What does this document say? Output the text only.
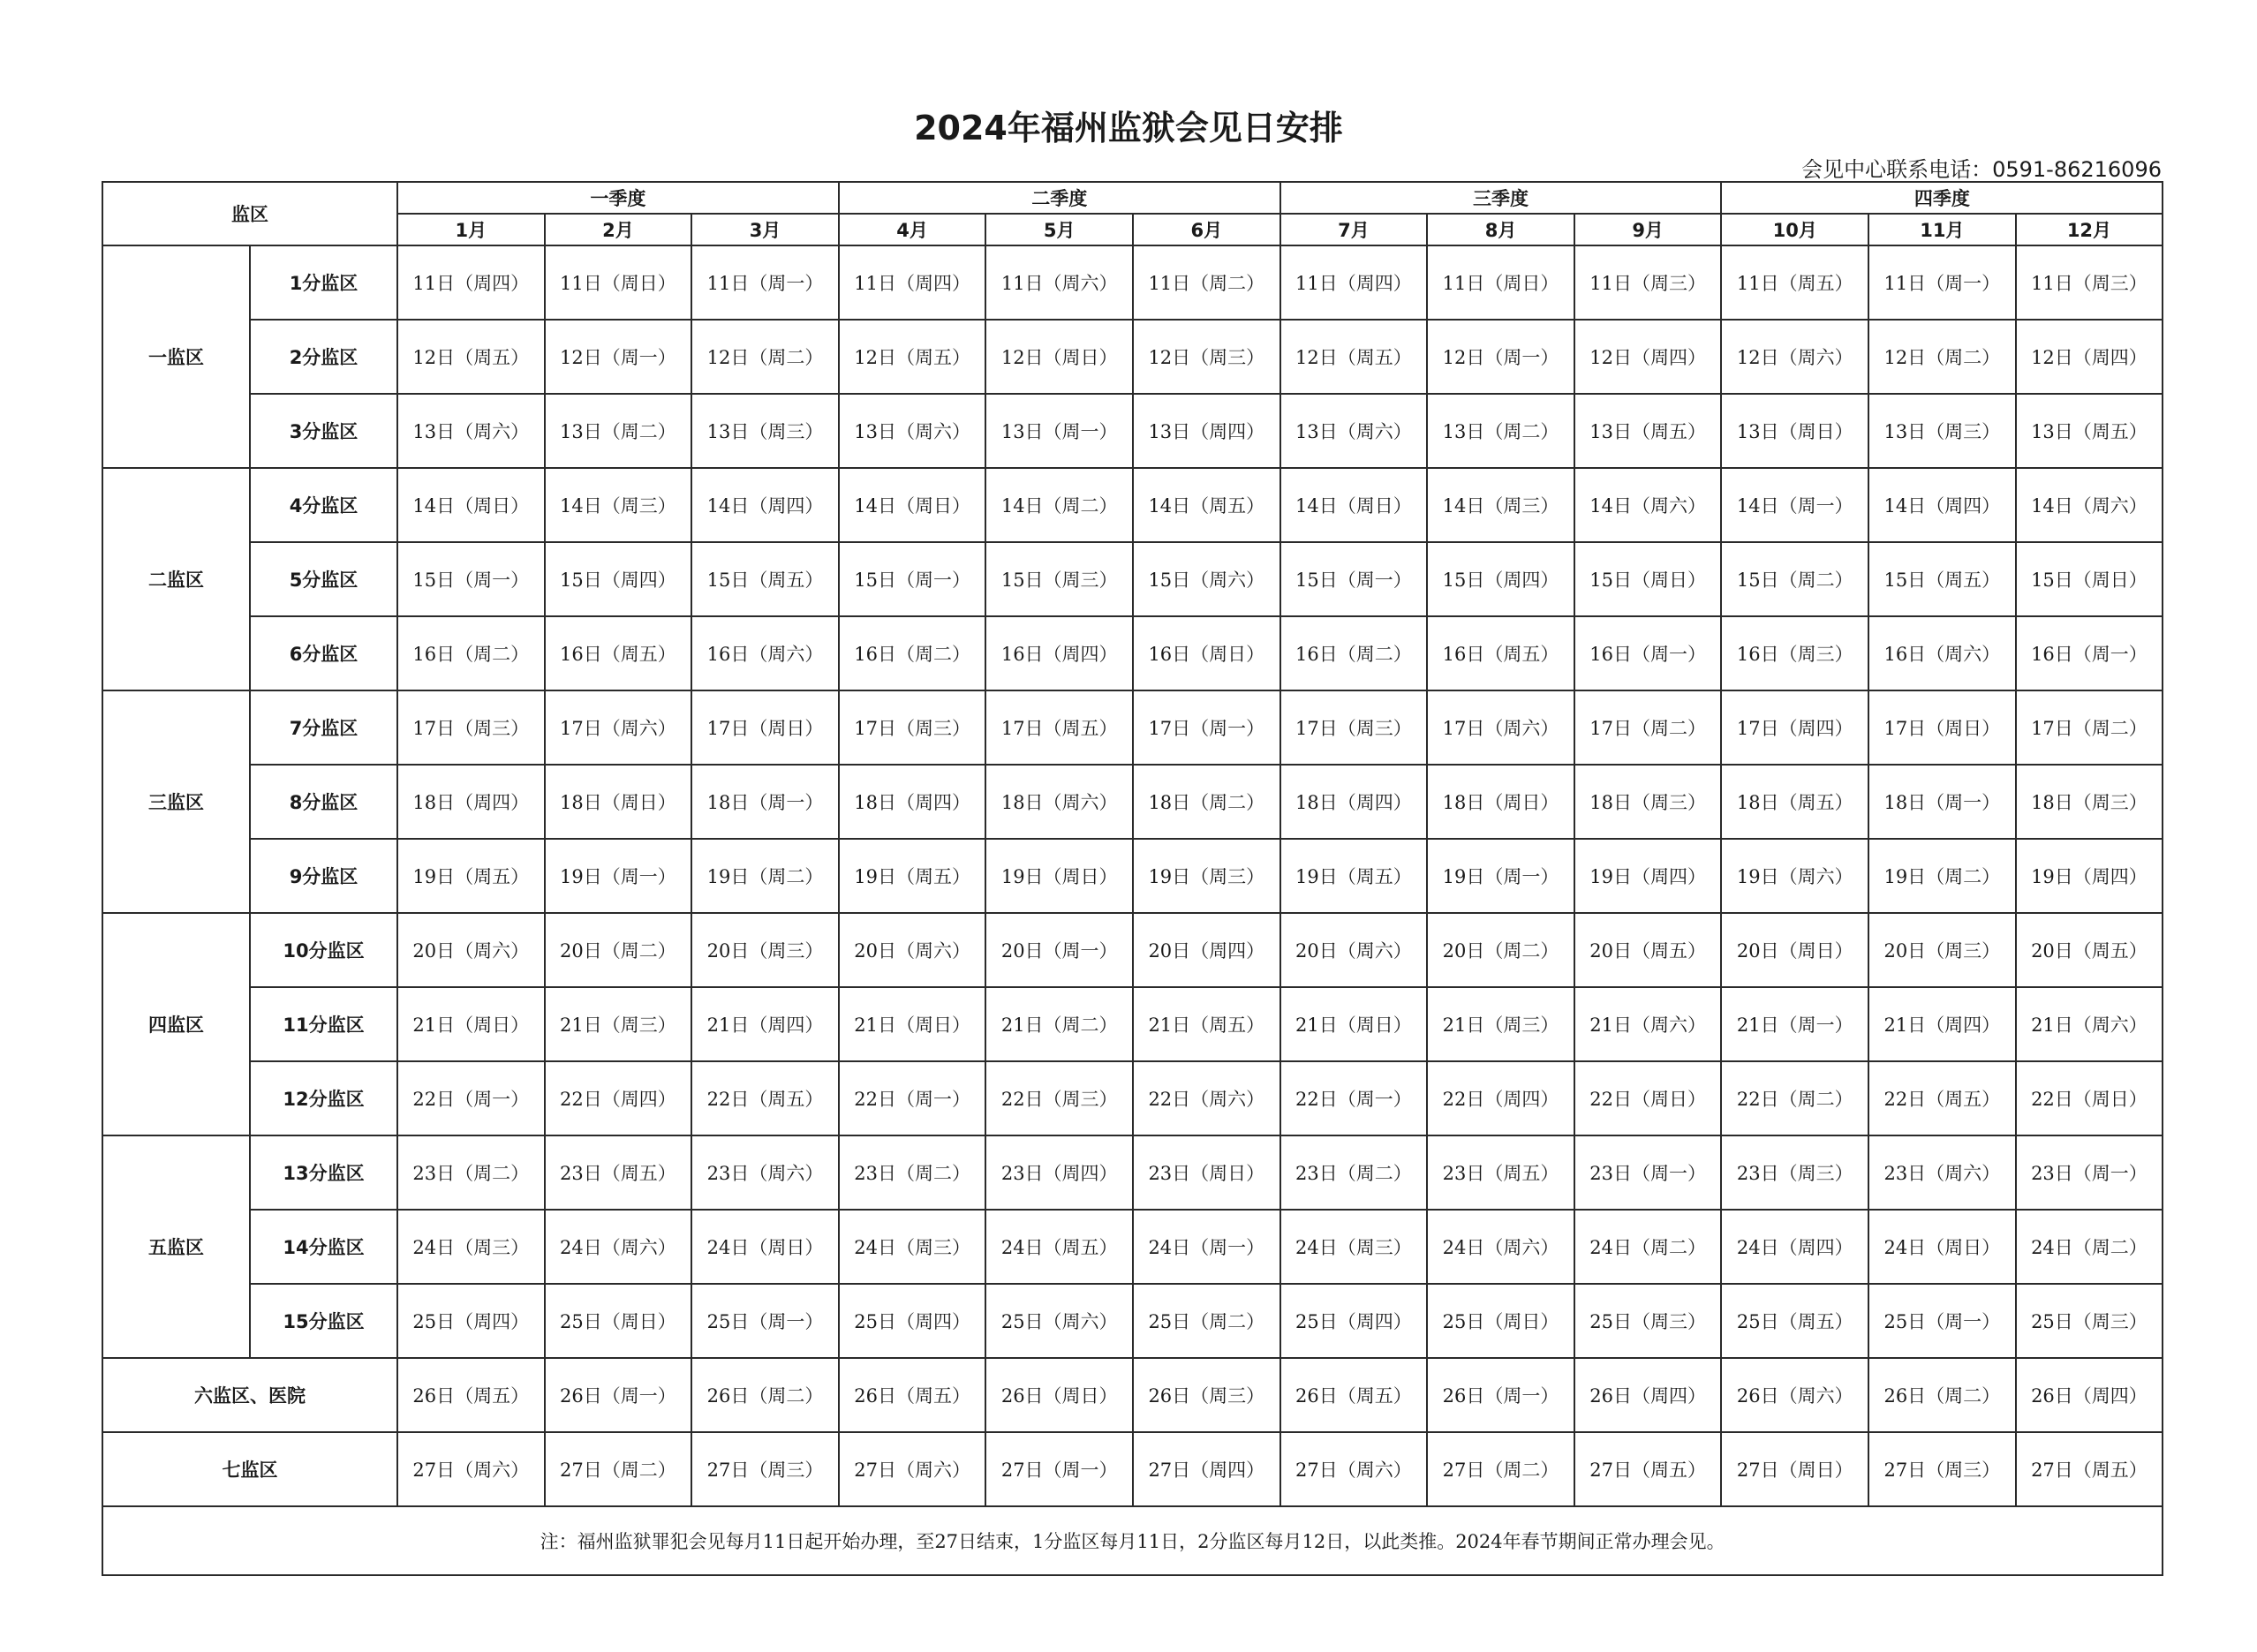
2024年福州监狱会见日安排
会见中心联系电话：0591-86216096
监区		一季度			二季度			三季度			四季度		
		1月	2月	3月	4月	5月	6月	7月	8月	9月	10月	11月	12月
一监区	1分监区	11日（周四）	11日（周日）	11日（周一）	11日（周四）	11日（周六）	11日（周二）	11日（周四）	11日（周日）	11日（周三）	11日（周五）	11日（周一）	11日（周三）
	2分监区	12日（周五）	12日（周一）	12日（周二）	12日（周五）	12日（周日）	12日（周三）	12日（周五）	12日（周一）	12日（周四）	12日（周六）	12日（周二）	12日（周四）
	3分监区	13日（周六）	13日（周二）	13日（周三）	13日（周六）	13日（周一）	13日（周四）	13日（周六）	13日（周二）	13日（周五）	13日（周日）	13日（周三）	13日（周五）
二监区	4分监区	14日（周日）	14日（周三）	14日（周四）	14日（周日）	14日（周二）	14日（周五）	14日（周日）	14日（周三）	14日（周六）	14日（周一）	14日（周四）	14日（周六）
	5分监区	15日（周一）	15日（周四）	15日（周五）	15日（周一）	15日（周三）	15日（周六）	15日（周一）	15日（周四）	15日（周日）	15日（周二）	15日（周五）	15日（周日）
	6分监区	16日（周二）	16日（周五）	16日（周六）	16日（周二）	16日（周四）	16日（周日）	16日（周二）	16日（周五）	16日（周一）	16日（周三）	16日（周六）	16日（周一）
三监区	7分监区	17日（周三）	17日（周六）	17日（周日）	17日（周三）	17日（周五）	17日（周一）	17日（周三）	17日（周六）	17日（周二）	17日（周四）	17日（周日）	17日（周二）
	8分监区	18日（周四）	18日（周日）	18日（周一）	18日（周四）	18日（周六）	18日（周二）	18日（周四）	18日（周日）	18日（周三）	18日（周五）	18日（周一）	18日（周三）
	9分监区	19日（周五）	19日（周一）	19日（周二）	19日（周五）	19日（周日）	19日（周三）	19日（周五）	19日（周一）	19日（周四）	19日（周六）	19日（周二）	19日（周四）
四监区	10分监区	20日（周六）	20日（周二）	20日（周三）	20日（周六）	20日（周一）	20日（周四）	20日（周六）	20日（周二）	20日（周五）	20日（周日）	20日（周三）	20日（周五）
	11分监区	21日（周日）	21日（周三）	21日（周四）	21日（周日）	21日（周二）	21日（周五）	21日（周日）	21日（周三）	21日（周六）	21日（周一）	21日（周四）	21日（周六）
	12分监区	22日（周一）	22日（周四）	22日（周五）	22日（周一）	22日（周三）	22日（周六）	22日（周一）	22日（周四）	22日（周日）	22日（周二）	22日（周五）	22日（周日）
五监区	13分监区	23日（周二）	23日（周五）	23日（周六）	23日（周二）	23日（周四）	23日（周日）	23日（周二）	23日（周五）	23日（周一）	23日（周三）	23日（周六）	23日（周一）
	14分监区	24日（周三）	24日（周六）	24日（周日）	24日（周三）	24日（周五）	24日（周一）	24日（周三）	24日（周六）	24日（周二）	24日（周四）	24日（周日）	24日（周二）
	15分监区	25日（周四）	25日（周日）	25日（周一）	25日（周四）	25日（周六）	25日（周二）	25日（周四）	25日（周日）	25日（周三）	25日（周五）	25日（周一）	25日（周三）
六监区、医院		26日（周五）	26日（周一）	26日（周二）	26日（周五）	26日（周日）	26日（周三）	26日（周五）	26日（周一）	26日（周四）	26日（周六）	26日（周二）	26日（周四）
七监区		27日（周六）	27日（周二）	27日（周三）	27日（周六）	27日（周一）	27日（周四）	27日（周六）	27日（周二）	27日（周五）	27日（周日）	27日（周三）	27日（周五）
注：福州监狱罪犯会见每月11日起开始办理，至27日结束，1分监区每月11日，2分监区每月12日，以此类推。2024年春节期间正常办理会见。													
